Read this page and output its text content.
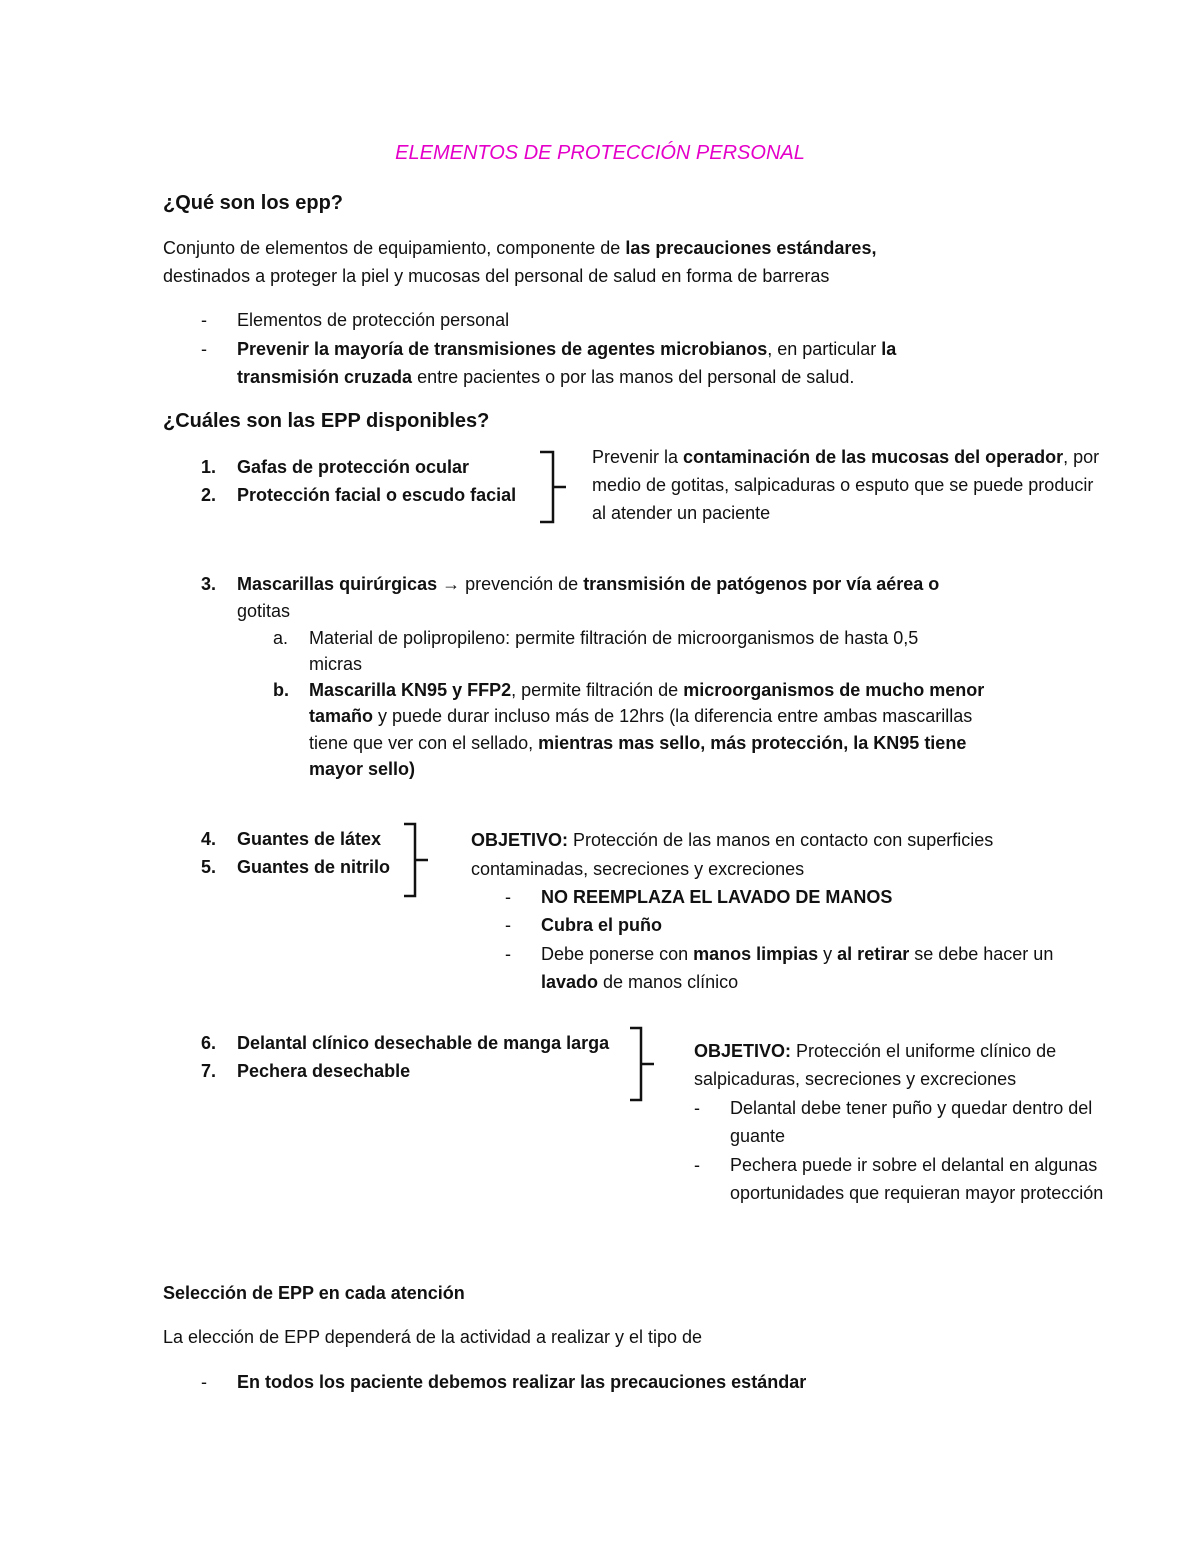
ELEMENTOS DE PROTECCIÓN PERSONAL
¿Qué son los epp?
Conjunto de elementos de equipamiento, componente de las precauciones estándares,
destinados a proteger la piel y mucosas del personal de salud en forma de barreras
- Elementos de protección personal
- Prevenir la mayoría de transmisiones de agentes microbianos, en particular la
transmisión cruzada entre pacientes o por las manos del personal de salud.
¿Cuáles son las EPP disponibles?
1. Gafas de protección ocular
2. Protección facial o escudo facial
Prevenir la contaminación de las mucosas del operador, por
medio de gotitas, salpicaduras o esputo que se puede producir
al atender un paciente
3. Mascarillas quirúrgicas → prevención de transmisión de patógenos por vía aérea o
gotitas
a. Material de polipropileno: permite filtración de microorganismos de hasta 0,5
micras
b. Mascarilla KN95 y FFP2, permite filtración de microorganismos de mucho menor
tamaño y puede durar incluso más de 12hrs (la diferencia entre ambas mascarillas
tiene que ver con el sellado, mientras mas sello, más protección, la KN95 tiene
mayor sello)
4. Guantes de látex
5. Guantes de nitrilo
OBJETIVO: Protección de las manos en contacto con superficies
contaminadas, secreciones y excreciones
- NO REEMPLAZA EL LAVADO DE MANOS
- Cubra el puño
- Debe ponerse con manos limpias y al retirar se debe hacer un
lavado de manos clínico
6. Delantal clínico desechable de manga larga
7. Pechera desechable
OBJETIVO: Protección el uniforme clínico de
salpicaduras, secreciones y excreciones
- Delantal debe tener puño y quedar dentro del
guante
- Pechera puede ir sobre el delantal en algunas
oportunidades que requieran mayor protección
Selección de EPP en cada atención
La elección de EPP dependerá de la actividad a realizar y el tipo de
- En todos los paciente debemos realizar las precauciones estándar
